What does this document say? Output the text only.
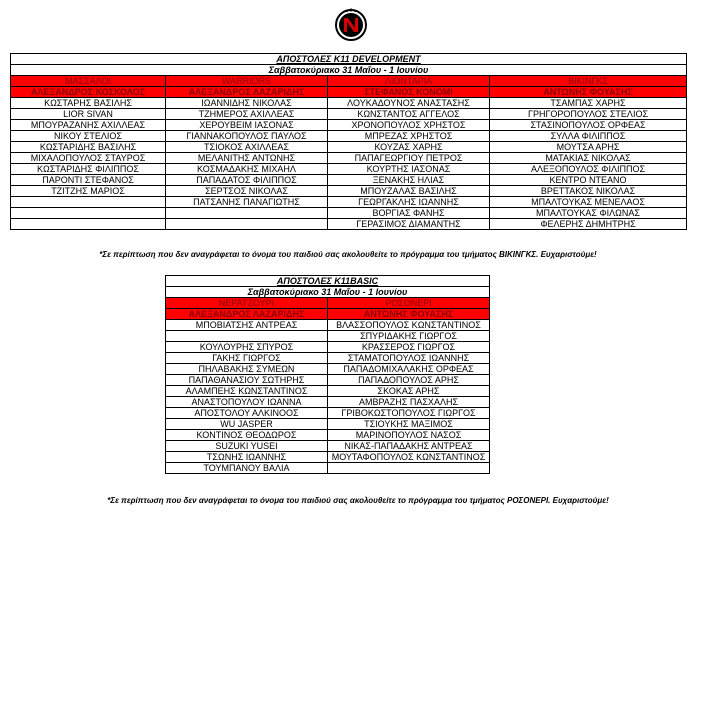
ΑΠΟΣΤΟΛΕΣ Κ11 DEVELOPMENT			
Σαββατοκύριακο 31 Μαΐου - 1 Ιουνίου			
ΜΑΣΣΑΛΟΙ	WARRIORS	ΛΙΟΝΤΑΡΙΑ	ΒΙΚΙΝΓΚΣ
ΑΛΕΞΑΝΔΡΟΣ ΚΟΣΚΟΛΟΣ	ΑΛΕΞΑΝΔΡΟΣ ΛΑΖΑΡΙΔΗΣ	ΣΤΕΦΑΝΟΣ ΚΟΝΟΜΙ	ΑΝΤΩΝΗΣ ΦΟΥΑΣΗΣ
ΚΩΣΤΑΡΗΣ ΒΑΣΙΛΗΣ	ΙΩΑΝΝΙΔΗΣ ΝΙΚΟΛΑΣ	ΛΟΥΚΑΔΟΥΝΟΣ ΑΝΑΣΤΑΣΗΣ	ΤΣΑΜΠΑΣ ΧΑΡΗΣ
LIOR SIVAN	ΤΖΗΜΕΡΟΣ ΑΧΙΛΛΕΑΣ	ΚΩΝΣΤΑΝΤΟΣ ΑΓΓΕΛΟΣ	ΓΡΗΓΟΡΟΠΟΥΛΟΣ ΣΤΕΛΙΟΣ
ΜΠΟΥΡΑΖΑΝΗΣ ΑΧΙΛΛΕΑΣ	ΧΕΡΟΥΒΕΙΜ ΙΑΣΟΝΑΣ	ΧΡΟΝΟΠΟΥΛΟΣ ΧΡΗΣΤΟΣ	ΣΤΑΣΙΝΟΠΟΥΛΟΣ ΟΡΦΕΑΣ
ΝΙΚΟΥ ΣΤΕΛΙΟΣ	ΓΙΑΝΝΑΚΟΠΟΥΛΟΣ ΠΑΥΛΟΣ	ΜΠΡΕΖΑΣ ΧΡΗΣΤΟΣ	ΣΥΛΛΑ ΦΙΛΙΠΠΟΣ
ΚΩΣΤΑΡΙΔΗΣ ΒΑΣΙΛΗΣ	ΤΣΙΟΚΟΣ ΑΧΙΛΛΕΑΣ	ΚΟΥΖΑΣ ΧΑΡΗΣ	ΜΟΥΤΣΑ ΑΡΗΣ
ΜΙΧΑΛΟΠΟΥΛΟΣ ΣΤΑΥΡΟΣ	ΜΕΛΑΝΙΤΗΣ ΑΝΤΩΝΗΣ	ΠΑΠΑΓΕΩΡΓΙΟΥ ΠΕΤΡΟΣ	ΜΑΤΑΚΙΑΣ ΝΙΚΟΛΑΣ
ΚΩΣΤΑΡΙΔΗΣ ΦΙΛΙΠΠΟΣ	ΚΟΣΜΑΔΑΚΗΣ ΜΙΧΑΗΛ	ΚΟΥΡΤΗΣ ΙΑΣΟΝΑΣ	ΑΛΕΞΟΠΟΥΛΟΣ ΦΙΛΙΠΠΟΣ
ΠΑΡΟΝΤΙ ΣΤΕΦΑΝΟΣ	ΠΑΠΑΔΑΤΟΣ ΦΙΛΙΠΠΟΣ	ΞΕΝΑΚΗΣ ΗΛΙΑΣ	ΚΕΝΤΡΟ ΝΤΕΑΝΟ
ΤΖΙΤΖΗΣ ΜΑΡΙΟΣ	ΣΕΡΤΣΟΣ ΝΙΚΟΛΑΣ	ΜΠΟΥΖΑΛΑΣ ΒΑΣΙΛΗΣ	ΒΡΕΤΤΑΚΟΣ ΝΙΚΟΛΑΣ
	ΠΑΤΣΑΝΗΣ ΠΑΝΑΓΙΩΤΗΣ	ΓΕΩΡΓΑΚΛΗΣ ΙΩΑΝΝΗΣ	ΜΠΑΛΤΟΥΚΑΣ ΜΕΝΕΛΑΟΣ
		ΒΟΡΓΙΑΣ ΦΑΝΗΣ	ΜΠΑΛΤΟΥΚΑΣ ΦΙΛΩΝΑΣ
		ΓΕΡΑΣΙΜΟΣ ΔΙΑΜΑΝΤΗΣ	ΦΕΛΕΡΗΣ ΔΗΜΗΤΡΗΣ
*Σε περίπτωση που δεν αναγράφεται το όνομα του παιδιού σας ακολουθείτε το πρόγραμμα του τμήματος ΒΙΚΙΝΓΚΣ. Ευχαριστούμε!
ΑΠΟΣΤΟΛΕΣ Κ11BASIC	
Σαββατοκύριακο 31 Μαΐου - 1 Ιουνίου	
ΝΕΡΑΤΖΟΥΡΙ	ΡΟΣΟΝΕΡΙ
ΑΛΕΞΑΝΔΡΟΣ ΛΑΖΑΡΙΔΗΣ	ΑΝΤΩΝΗΣ ΦΟΥΑΣΗΣ
ΜΠΟΒΙΑΤΣΗΣ ΑΝΤΡΕΑΣ	ΒΛΑΣΣΟΠΟΥΛΟΣ ΚΩΝΣΤΑΝΤΙΝΟΣ
	ΣΠΥΡΙΔΑΚΗΣ ΓΙΩΡΓΟΣ
ΚΟΥΛΟΥΡΗΣ ΣΠΥΡΟΣ	ΚΡΑΣΣΕΡΟΣ ΓΙΩΡΓΟΣ
ΓΑΚΗΣ ΓΙΩΡΓΟΣ	ΣΤΑΜΑΤΟΠΟΥΛΟΣ ΙΩΑΝΝΗΣ
ΠΗΛΑΒΑΚΗΣ ΣΥΜΕΩΝ	ΠΑΠΑΔΟΜΙΧΑΛΑΚΗΣ ΟΡΦΕΑΣ
ΠΑΠΑΘΑΝΑΣΙΟΥ ΣΩΤΗΡΗΣ	ΠΑΠΑΔΟΠΟΥΛΟΣ ΑΡΗΣ
ΑΛΑΜΠΕΗΣ ΚΩΝΣΤΑΝΤΙΝΟΣ	ΣΚΟΚΑΣ ΑΡΗΣ
ΑΝΑΣΤΟΠΟΥΛΟΥ ΙΩΑΝΝΑ	ΑΜΒΡΑΖΗΣ ΠΑΣΧΑΛΗΣ
ΑΠΟΣΤΟΛΟΥ ΑΛΚΙΝΟΟΣ	ΓΡΙΒΟΚΩΣΤΟΠΟΥΛΟΣ ΓΙΩΡΓΟΣ
WU JASPER	ΤΣΙΟΥΚΗΣ ΜΑΞΙΜΟΣ
ΚΟΝΤΙΝΟΣ ΘΕΟΔΩΡΟΣ	ΜΑΡΙΝΟΠΟΥΛΟΣ ΝΑΣΟΣ
SUZUKI YUSEI	ΝΙΚΑΣ-ΠΑΠΑΔΑΚΗΣ ΑΝΤΡΕΑΣ
ΤΣΩΝΗΣ ΙΩΑΝΝΗΣ	ΜΟΥΤΑΦΟΠΟΥΛΟΣ ΚΩΝΣΤΑΝΤΙΝΟΣ
ΤΟΥΜΠΑΝΟΥ ΒΑΛΙΑ	
*Σε περίπτωση που δεν αναγράφεται το όνομα του παιδιού σας ακολουθείτε το πρόγραμμα του τμήματος ΡΟΣΟΝΕΡΙ. Ευχαριστούμε!
